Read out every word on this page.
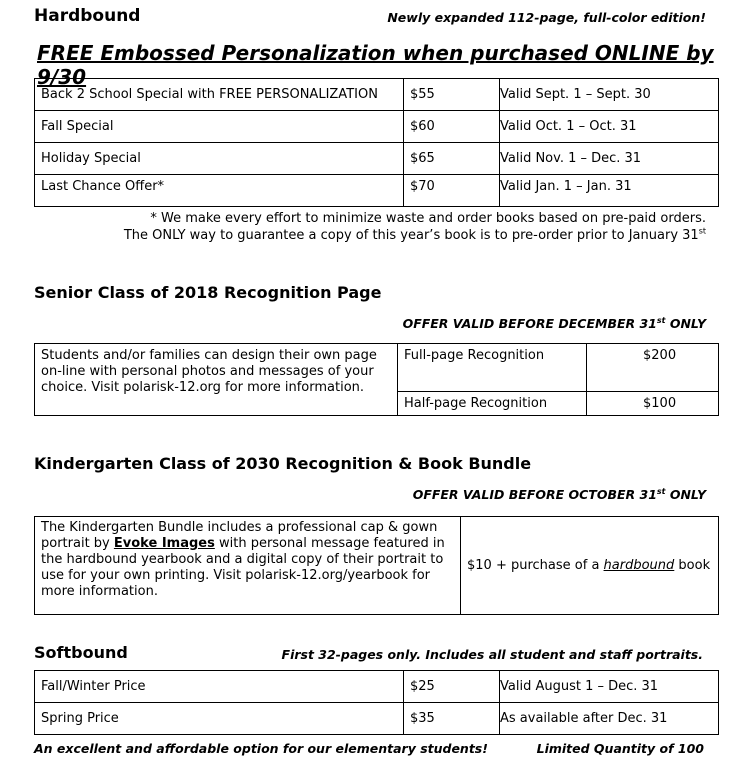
Hardbound	Newly expanded 112-page, full-color edition!
FREE Embossed Personalization when purchased ONLINE by 9/30
Back 2 School Special with FREE PERSONALIZATION	$55	Valid Sept. 1 – Sept. 30
Fall Special	$60	Valid Oct. 1 – Oct. 31
Holiday Special	$65	Valid Nov. 1 – Dec. 31
Last Chance Offer*	$70	Valid Jan. 1 – Jan. 31
* We make every effort to minimize waste and order books based on pre-paid orders.
The ONLY way to guarantee a copy of this year’s book is to pre-order prior to January 31st
Senior Class of 2018 Recognition Page
OFFER VALID BEFORE DECEMBER 31st ONLY
Students and/or families can design their own page on-line with personal photos and messages of your choice. Visit polarisk-12.org for more information.	Full-page Recognition	$200
	Half-page Recognition	$100
Kindergarten Class of 2030 Recognition & Book Bundle
OFFER VALID BEFORE OCTOBER 31st ONLY
The Kindergarten Bundle includes a professional cap & gown portrait by Evoke Images with personal message featured in the hardbound yearbook and a digital copy of their portrait to use for your own printing. Visit polarisk-12.org/yearbook for more information.	$10 + purchase of a hardbound book
Softbound	First 32-pages only. Includes all student and staff portraits.
Fall/Winter Price	$25	Valid August 1 – Dec. 31
Spring Price	$35	As available after Dec. 31
An excellent and affordable option for our elementary students!	Limited Quantity of 100
